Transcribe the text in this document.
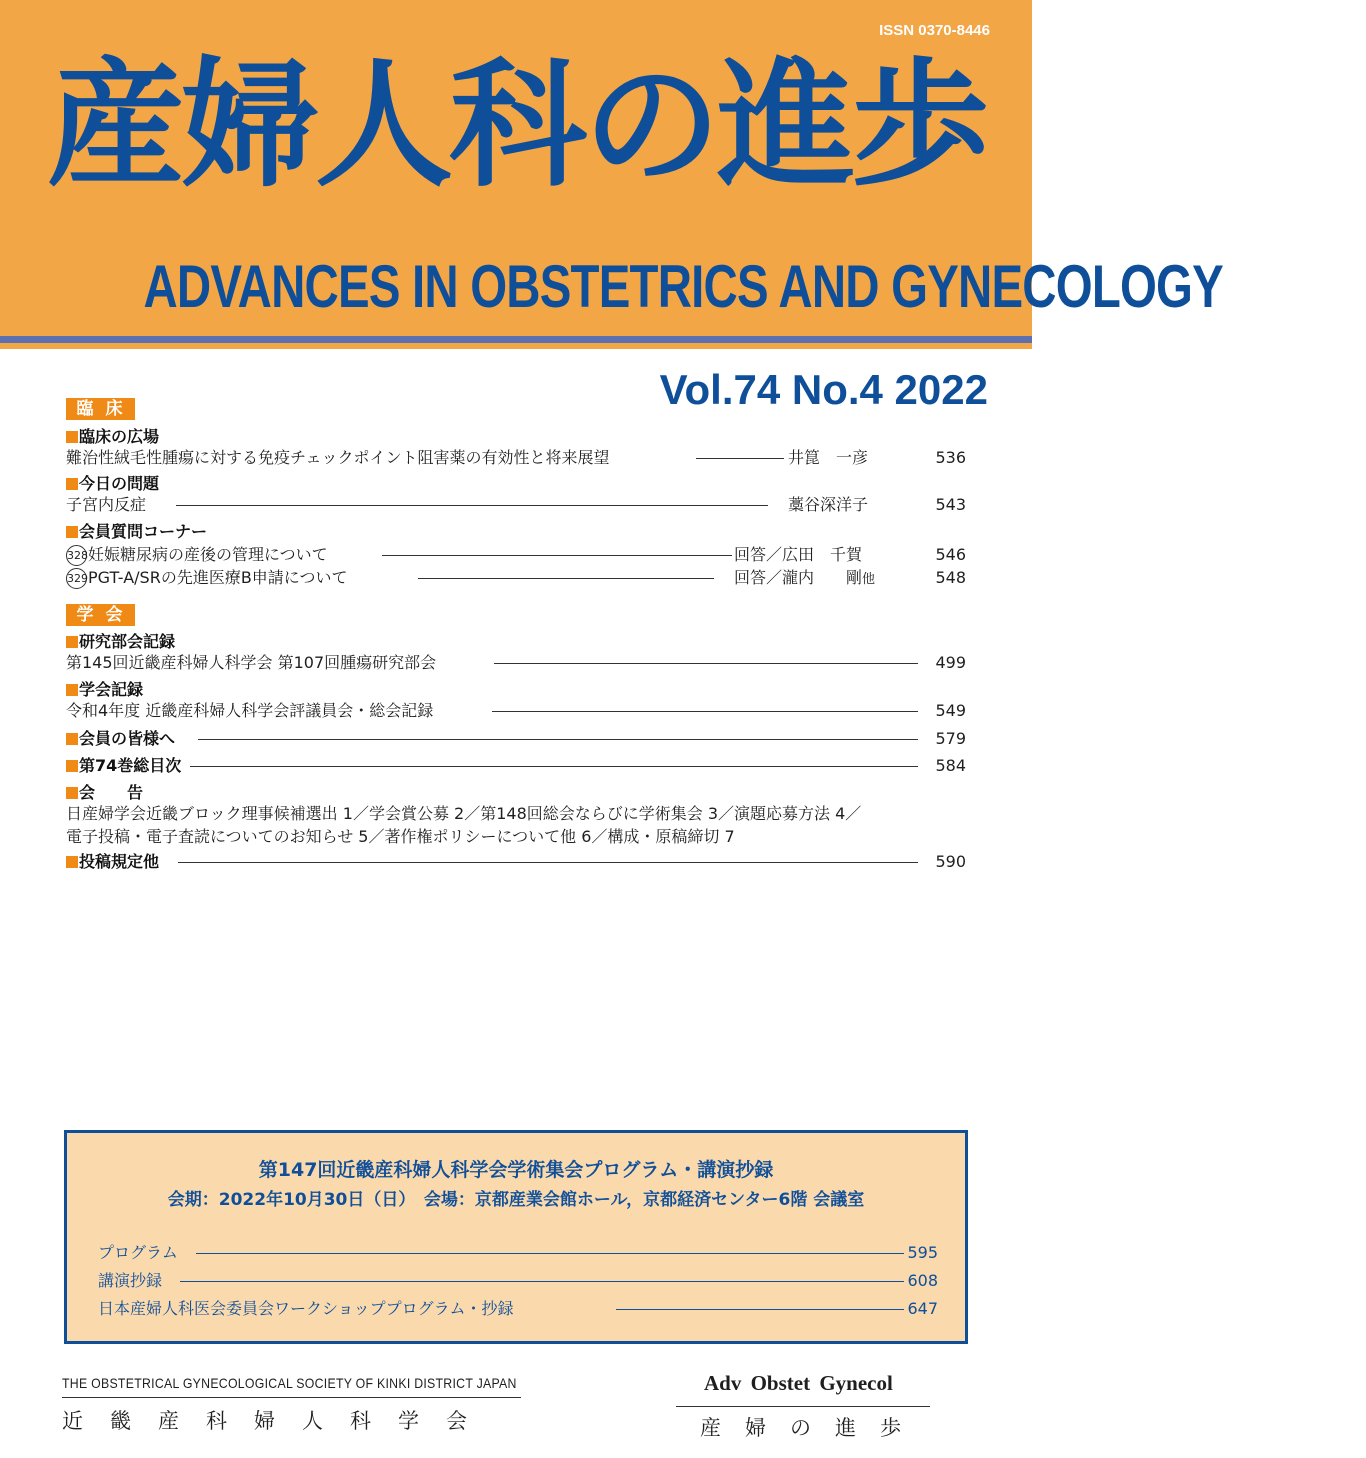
ISSN 0370-8446
産婦人科の進歩
ADVANCES IN OBSTETRICS AND GYNECOLOGY
Vol.74 No.4 2022
臨床
臨床の広場
難治性絨毛性腫瘍に対する免疫チェックポイント阻害薬の有効性と将来展望	井箟　一彦	536
今日の問題
子宮内反症	藁谷深洋子	543
会員質問コーナー
328妊娠糖尿病の産後の管理について	回答／広田　千賀	546
329PGT-A/SRの先進医療B申請について	回答／瀧内　　剛他	548
学会
研究部会記録
第145回近畿産科婦人科学会 第107回腫瘍研究部会	499
学会記録
令和4年度 近畿産科婦人科学会評議員会・総会記録	549
会員の皆様へ	579
第74巻総目次	584
会　　告
日産婦学会近畿ブロック理事候補選出 1／学会賞公募 2／第148回総会ならびに学術集会 3／演題応募方法 4／
電子投稿・電子査読についてのお知らせ 5／著作権ポリシーについて他 6／構成・原稿締切 7
投稿規定他	590
第147回近畿産科婦人科学会学術集会プログラム・講演抄録
会期：2022年10月30日（日）　会場：京都産業会館ホール，京都経済センター6階 会議室
プログラム	595
講演抄録	608
日本産婦人科医会委員会ワークショッププログラム・抄録	647
THE OBSTETRICAL GYNECOLOGICAL SOCIETY OF KINKI DISTRICT JAPAN
近畿産科婦人科学会
Adv Obstet Gynecol
産婦の進歩
